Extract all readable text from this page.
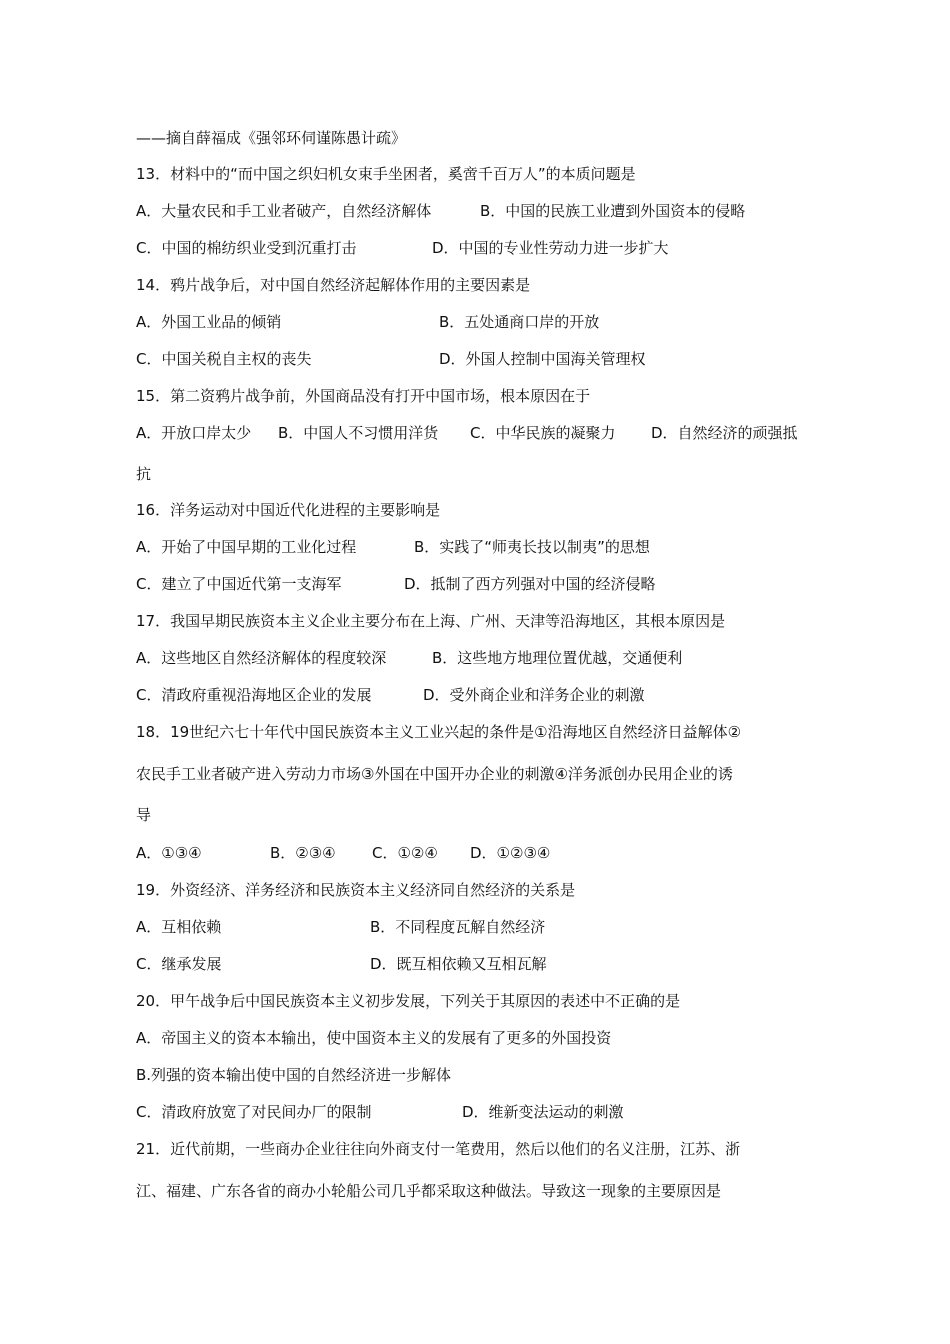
——摘自薛福成《强邻环伺谨陈愚计疏》
13．材料中的“而中国之织妇机女束手坐困者，奚啻千百万人”的本质问题是
A．大量农民和手工业者破产，自然经济解体	B．中国的民族工业遭到外国资本的侵略
C．中国的棉纺织业受到沉重打击	D．中国的专业性劳动力进一步扩大
14．鸦片战争后，对中国自然经济起解体作用的主要因素是
A．外国工业品的倾销	B．五处通商口岸的开放
C．中国关税自主权的丧失	D．外国人控制中国海关管理权
15．第二资鸦片战争前，外国商品没有打开中国市场，根本原因在于
A．开放口岸太少 B．中国人不习惯用洋货 C．中华民族的凝聚力 D．自然经济的顽强抵
抗
16．洋务运动对中国近代化进程的主要影响是
A．开始了中国早期的工业化过程	B．实践了“师夷长技以制夷”的思想
C．建立了中国近代第一支海军	D．抵制了西方列强对中国的经济侵略
17．我国早期民族资本主义企业主要分布在上海、广州、天津等沿海地区，其根本原因是
A．这些地区自然经济解体的程度较深	B．这些地方地理位置优越，交通便利
C．清政府重视沿海地区企业的发展	D．受外商企业和洋务企业的刺激
18．19世纪六七十年代中国民族资本主义工业兴起的条件是①沿海地区自然经济日益解体②
农民手工业者破产进入劳动力市场③外国在中国开办企业的刺激④洋务派创办民用企业的诱
导
A．①③④	B．②③④ C．①②④ D．①②③④
19．外资经济、洋务经济和民族资本主义经济同自然经济的关系是
A．互相依赖	B．不同程度瓦解自然经济
C．继承发展	D．既互相依赖又互相瓦解
20．甲午战争后中国民族资本主义初步发展，下列关于其原因的表述中不正确的是
A．帝国主义的资本本输出，使中国资本主义的发展有了更多的外国投资
B.列强的资本输出使中国的自然经济进一步解体
C．清政府放宽了对民间办厂的限制	D．维新变法运动的刺激
21．近代前期，一些商办企业往往向外商支付一笔费用，然后以他们的名义注册，江苏、浙
江、福建、广东各省的商办小轮船公司几乎都采取这种做法。导致这一现象的主要原因是
